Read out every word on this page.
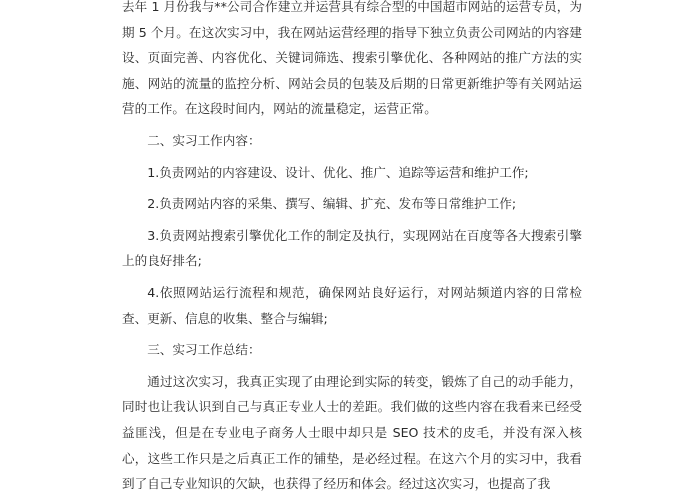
去年 1 月份我与**公司合作建立并运营具有综合型的中国超市网站的运营专员，为期 5 个月。在这次实习中，我在网站运营经理的指导下独立负责公司网站的内容建设、页面完善、内容优化、关键词筛选、搜索引擎优化、各种网站的推广方法的实施、网站的流量的监控分析、网站会员的包装及后期的日常更新维护等有关网站运营的工作。在这段时间内，网站的流量稳定，运营正常。

二、实习工作内容：

1.负责网站的内容建设、设计、优化、推广、追踪等运营和维护工作;

2.负责网站内容的采集、撰写、编辑、扩充、发布等日常维护工作;

3.负责网站搜索引擎优化工作的制定及执行，实现网站在百度等各大搜索引擎上的良好排名;

4.依照网站运行流程和规范，确保网站良好运行，对网站频道内容的日常检查、更新、信息的收集、整合与编辑;

三、实习工作总结：

通过这次实习，我真正实现了由理论到实际的转变，锻炼了自己的动手能力，同时也让我认识到自己与真正专业人士的差距。我们做的这些内容在我看来已经受益匪浅，但是在专业电子商务人士眼中却只是 SEO 技术的皮毛，并没有深入核心，这些工作只是之后真正工作的铺垫，是必经过程。在这六个月的实习中，我看到了自己专业知识的欠缺，也获得了经历和体会。经过这次实习，也提高了我
